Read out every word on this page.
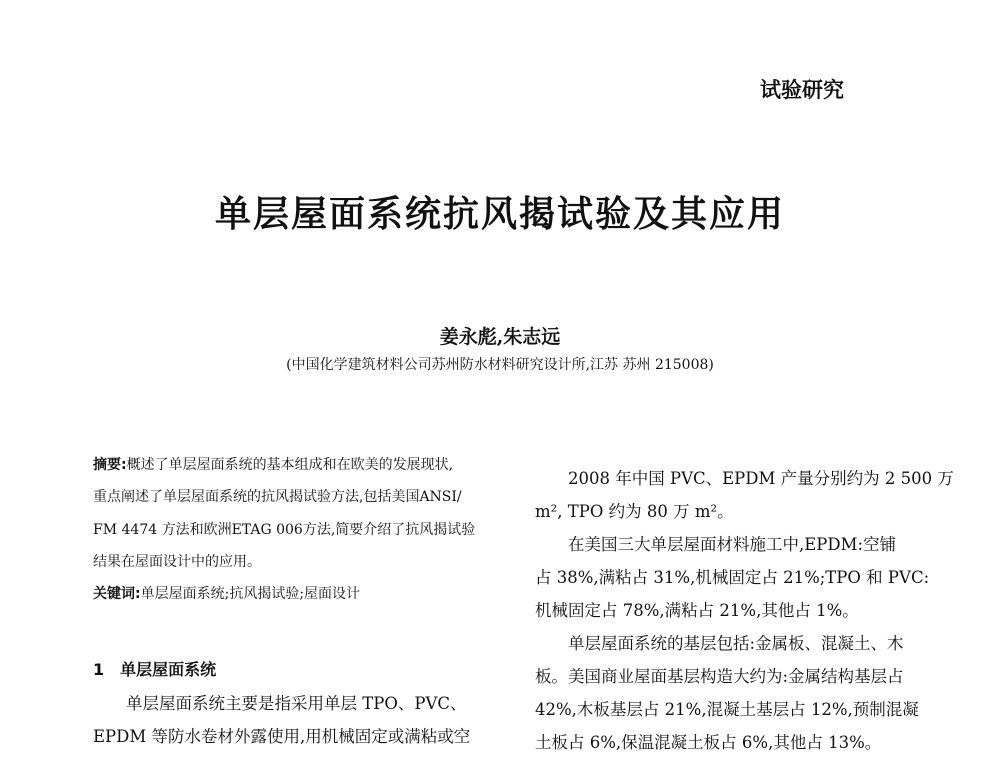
试验研究
单层屋面系统抗风揭试验及其应用
姜永彪,朱志远
(中国化学建筑材料公司苏州防水材料研究设计所,江苏 苏州 215008)
摘要:概述了单层屋面系统的基本组成和在欧美的发展现状,
重点阐述了单层屋面系统的抗风揭试验方法,包括美国ANSI/
FM 4474 方法和欧洲ETAG 006方法,简要介绍了抗风揭试验
结果在屋面设计中的应用。
关键词:单层屋面系统;抗风揭试验;屋面设计
1 单层屋面系统
单层屋面系统主要是指采用单层 TPO、PVC、
EPDM 等防水卷材外露使用,用机械固定或满粘或空
2008 年中国 PVC、EPDM 产量分别约为 2 500 万
m², TPO 约为 80 万 m²。
在美国三大单层屋面材料施工中,EPDM:空铺
占 38%,满粘占 31%,机械固定占 21%;TPO 和 PVC:
机械固定占 78%,满粘占 21%,其他占 1%。
单层屋面系统的基层包括:金属板、混凝土、木
板。美国商业屋面基层构造大约为:金属结构基层占
42%,木板基层占 21%,混凝土基层占 12%,预制混凝
土板占 6%,保温混凝土板占 6%,其他占 13%。
